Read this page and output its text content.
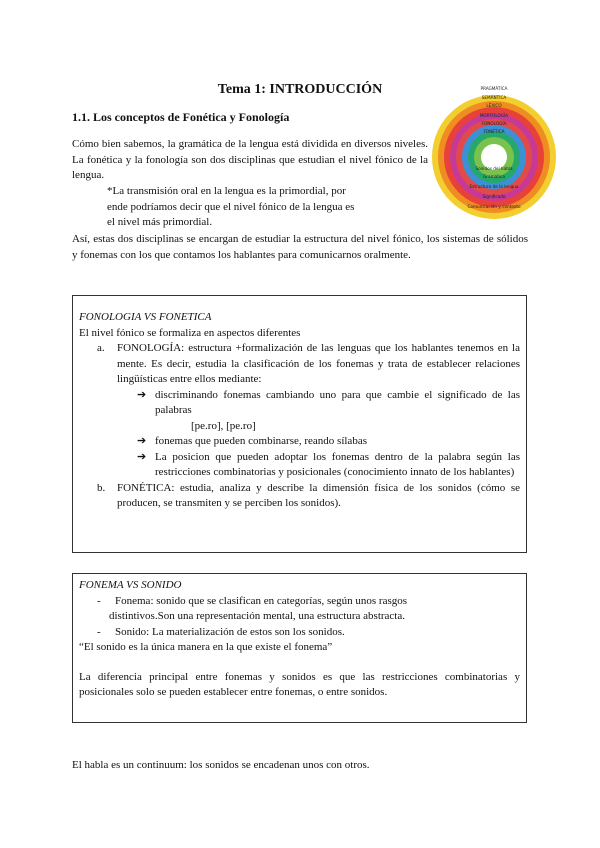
Tema 1: INTRODUCCIÓN
1.1. Los conceptos de Fonética y Fonología
PRAGMÁTICA
SEMÁNTICA
LÉXICO
MORFOLOGÍA
FONOLOGÍA
FONÉTICA
Sonidos del habla
Gramática
Estructura de la lengua
Significado
Comunicación y contexto
Cómo bien sabemos, la gramática de la lengua está dividida en diversos niveles. La fonética y la fonología son dos disciplinas que estudian el nivel fónico de la lengua.
*La transmisión oral en la lengua es la primordial, por
ende podríamos decir que el nivel fónico de la lengua es
el nivel más primordial.
Así, estas dos disciplinas se encargan de estudiar la estructura del nivel fónico, los sistemas de sólidos y fonemas con los que contamos los hablantes para comunicarnos oralmente.
FONOLOGIA VS FONETICA
El nivel fónico se formaliza en aspectos diferentes
a.	FONOLOGÍA: estructura +formalización de las lenguas que los hablantes tenemos en la mente. Es decir, estudia la clasificación de los fonemas y trata de establecer relaciones lingüísticas entre ellos mediante:
➔ discriminando fonemas cambiando uno para que cambie el significado de las palabras
[pe.ro], [pe.ro]
➔ fonemas que pueden combinarse, reando sílabas
➔ La posicion que pueden adoptar los fonemas dentro de la palabra según las restricciones combinatorias y posicionales (conocimiento innato de los hablantes)
b.	FONÉTICA: estudia, analiza y describe la dimensión física de los sonidos (cómo se producen, se transmiten y se perciben los sonidos).
FONEMA VS SONIDO
-	Fonema: sonido que se clasifican en categorías, según unos rasgos
distintivos.Son una representación mental, una estructura abstracta.
-	Sonido: La materialización de estos son los sonidos.
“El sonido es la única manera en la que existe el fonema”
La diferencia principal entre fonemas y sonidos es que las restricciones combinatorias y posicionales solo se pueden establecer entre fonemas, o entre sonidos.
El habla es un continuum: los sonidos se encadenan unos con otros.
